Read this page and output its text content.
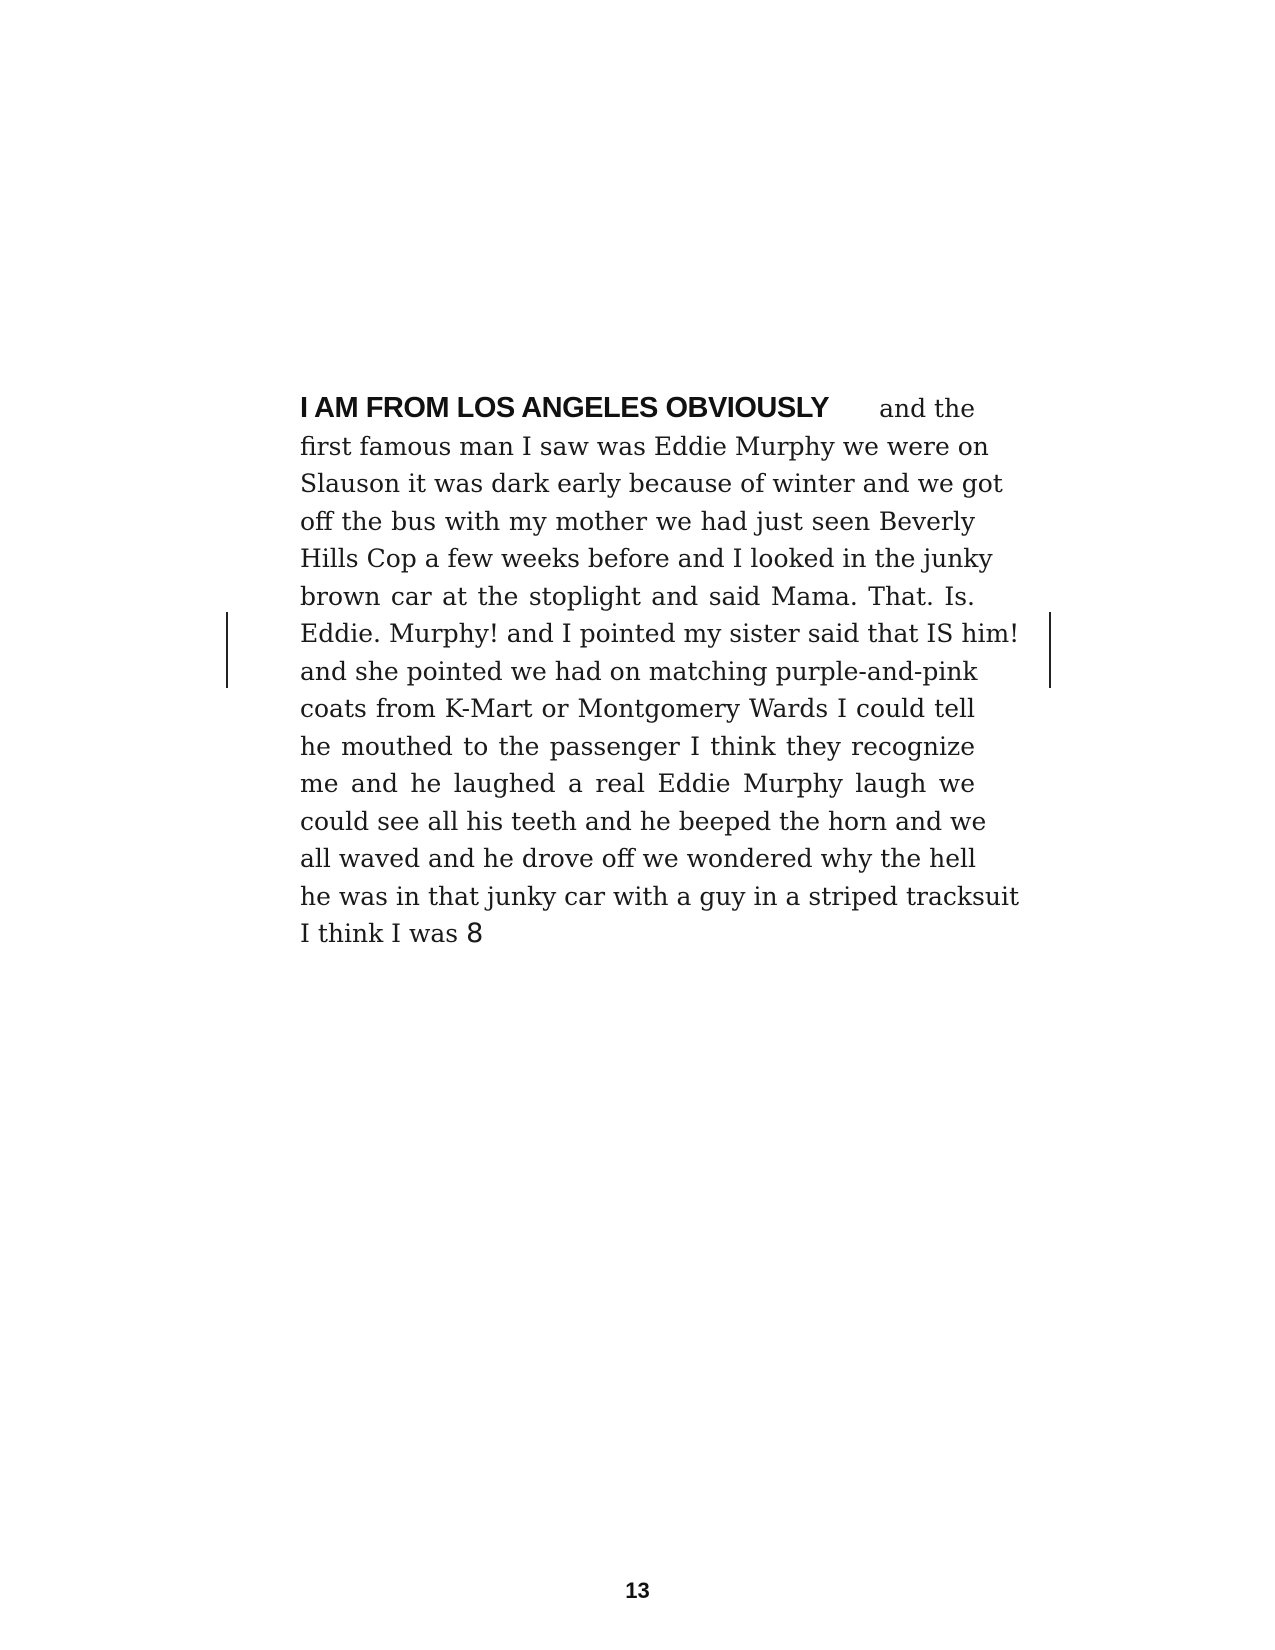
I AM FROM LOS ANGELES OBVIOUSLY and the
first famous man I saw was Eddie Murphy we were on
Slauson it was dark early because of winter and we got
off the bus with my mother we had just seen Beverly
Hills Cop a few weeks before and I looked in the junky
brown car at the stoplight and said Mama. That. Is.
Eddie. Murphy! and I pointed my sister said that IS him!
and she pointed we had on matching purple-and-pink
coats from K-Mart or Montgomery Wards I could tell
he mouthed to the passenger I think they recognize
me and he laughed a real Eddie Murphy laugh we
could see all his teeth and he beeped the horn and we
all waved and he drove off we wondered why the hell
he was in that junky car with a guy in a striped tracksuit
I think I was 8
13
